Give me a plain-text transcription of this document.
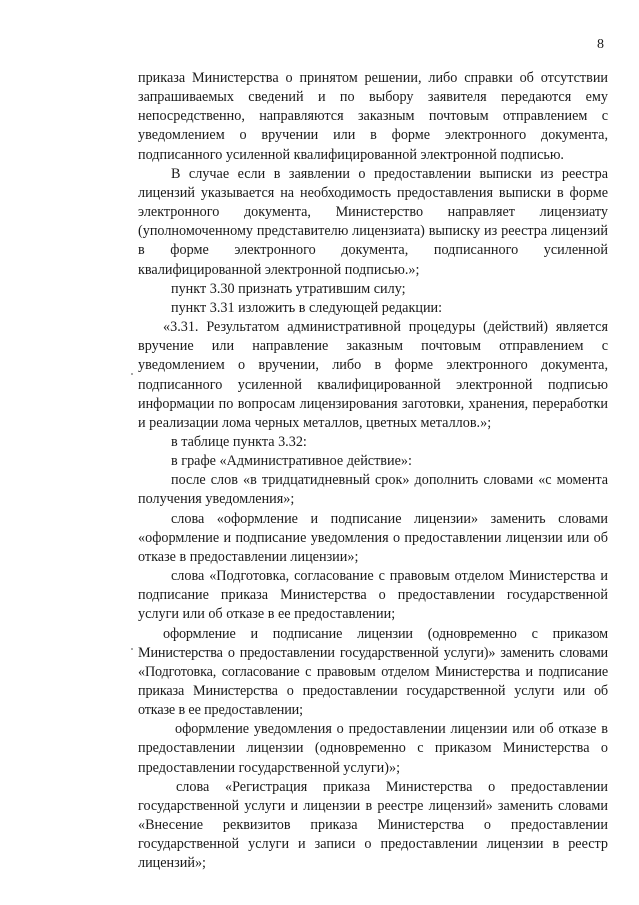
8

приказа Министерства о принятом решении, либо справки об отсутствии запрашиваемых сведений и по выбору заявителя передаются ему непосредственно, направляются заказным почтовым отправлением с уведомлением о вручении или в форме электронного документа, подписанного усиленной квалифицированной электронной подписью.

В случае если в заявлении о предоставлении выписки из реестра лицензий указывается на необходимость предоставления выписки в форме электронного документа, Министерство направляет лицензиату (уполномоченному представителю лицензиата) выписку из реестра лицензий в форме электронного документа, подписанного усиленной квалифицированной электронной подписью.»;

пункт 3.30 признать утратившим силу;

пункт 3.31 изложить в следующей редакции:

«3.31. Результатом административной процедуры (действий) является вручение или направление заказным почтовым отправлением с уведомлением о вручении, либо в форме электронного документа, подписанного усиленной квалифицированной электронной подписью информации по вопросам лицензирования заготовки, хранения, переработки и реализации лома черных металлов, цветных металлов.»;

в таблице пункта 3.32:

в графе «Административное действие»:

после слов «в тридцатидневный срок» дополнить словами «с момента получения уведомления»;

слова «оформление и подписание лицензии» заменить словами «оформление и подписание уведомления о предоставлении лицензии или об отказе в предоставлении лицензии»;

слова «Подготовка, согласование с правовым отделом Министерства и подписание приказа Министерства о предоставлении государственной услуги или об отказе в ее предоставлении;

оформление и подписание лицензии (одновременно с приказом Министерства о предоставлении государственной услуги)» заменить словами «Подготовка, согласование с правовым отделом Министерства и подписание приказа Министерства о предоставлении государственной услуги или об отказе в ее предоставлении;

оформление уведомления о предоставлении лицензии или об отказе в предоставлении лицензии (одновременно с приказом Министерства о предоставлении государственной услуги)»;

слова «Регистрация приказа Министерства о предоставлении государственной услуги и лицензии в реестре лицензий» заменить словами «Внесение реквизитов приказа Министерства о предоставлении государственной услуги и записи о предоставлении лицензии в реестр лицензий»;
